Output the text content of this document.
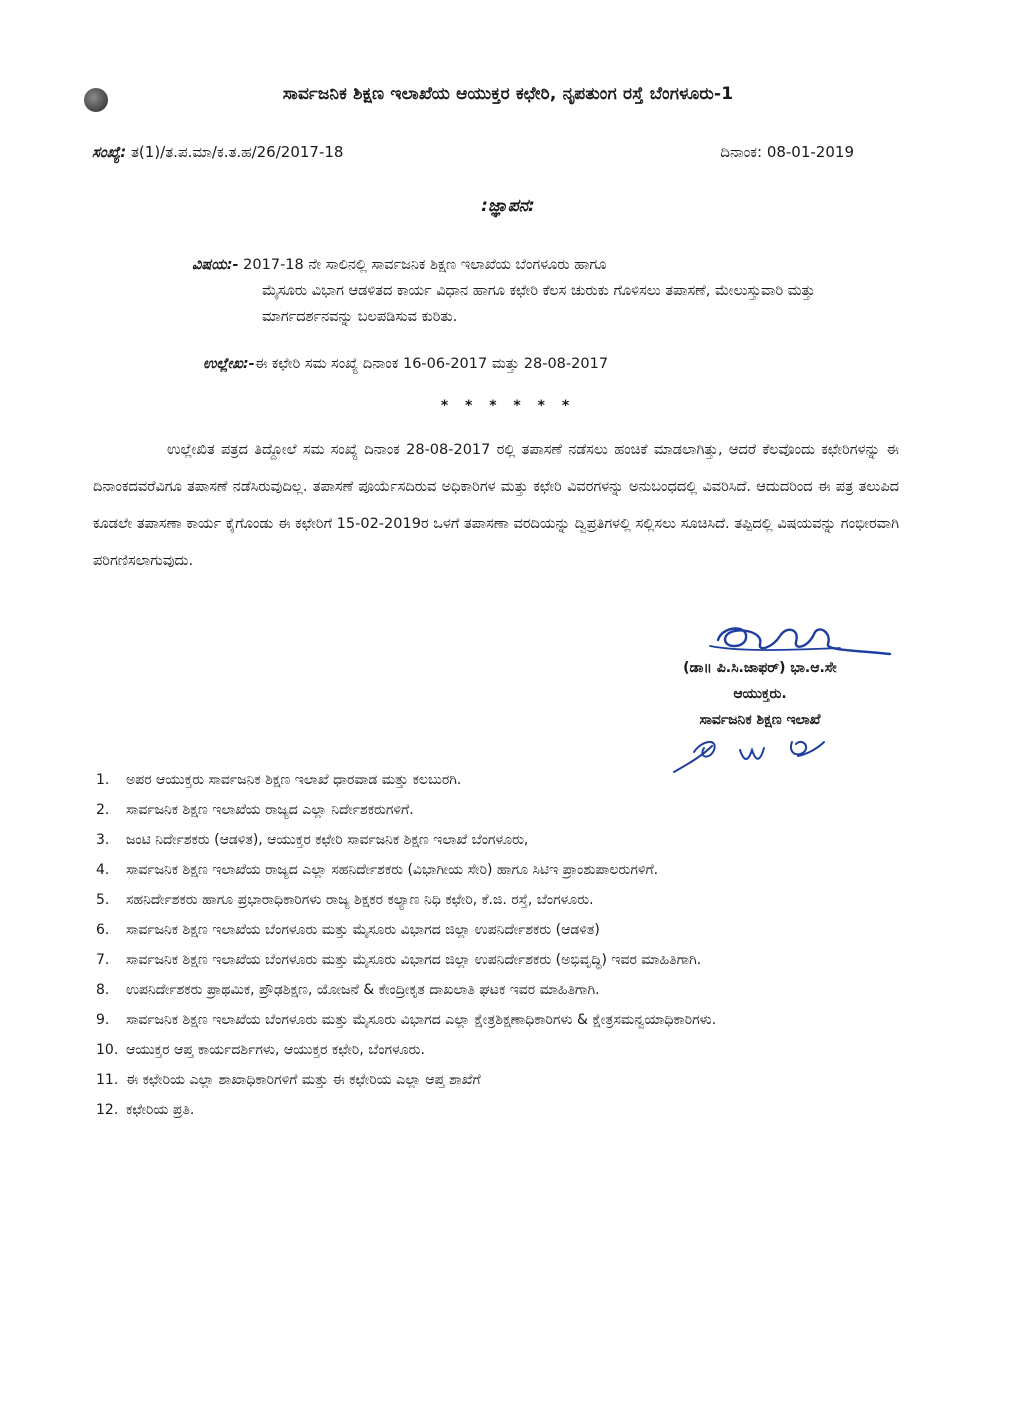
ಸಾರ್ವಜನಿಕ ಶಿಕ್ಷಣ ಇಲಾಖೆಯ ಆಯುಕ್ತರ ಕಛೇರಿ, ನೃಪತುಂಗ ರಸ್ತೆ ಬೆಂಗಳೂರು-1
ಸಂಖ್ಯೆ: ತ(1)/ತ.ಪ.ಮಾ/ಕ.ತ.ಹ/26/2017-18	ದಿನಾಂಕ: 08-01-2019
:ಜ್ಞಾಪನ:
ವಿಷಯ:- 2017-18 ನೇ ಸಾಲಿನಲ್ಲಿ ಸಾರ್ವಜನಿಕ ಶಿಕ್ಷಣ ಇಲಾಖೆಯ ಬೆಂಗಳೂರು ಹಾಗೂ
ಮೈಸೂರು ವಿಭಾಗ ಆಡಳಿತದ ಕಾರ್ಯ ವಿಧಾನ ಹಾಗೂ ಕಛೇರಿ ಕೆಲಸ ಚುರುಕು ಗೊಳಿಸಲು ತಪಾಸಣೆ, ಮೇಲುಸ್ತುವಾರಿ ಮತ್ತು ಮಾರ್ಗದರ್ಶನವನ್ನು ಬಲಪಡಿಸುವ ಕುರಿತು.
ಉಲ್ಲೇಖ:-ಈ ಕಛೇರಿ ಸಮ ಸಂಖ್ಯೆ ದಿನಾಂಕ 16-06-2017 ಮತ್ತು 28-08-2017
* * * * * *
ಉಲ್ಲೇಖಿತ ಪತ್ರದ ತಿದ್ದೋಲೆ ಸಮ ಸಂಖ್ಯೆ ದಿನಾಂಕ 28-08-2017 ರಲ್ಲಿ ತಪಾಸಣೆ ನಡೆಸಲು ಹಂಚಿಕೆ ಮಾಡಲಾಗಿತ್ತು, ಆದರೆ ಕೆಲವೊಂದು ಕಛೇರಿಗಳನ್ನು ಈ ದಿನಾಂಕದವರೆವಿಗೂ ತಪಾಸಣೆ ನಡೆಸಿರುವುದಿಲ್ಲ. ತಪಾಸಣೆ ಪೂರ್ಯೆಸದಿರುವ ಅಧಿಕಾರಿಗಳ ಮತ್ತು ಕಛೇರಿ ವಿವರಗಳನ್ನು ಅನುಬಂಧದಲ್ಲಿ ವಿವರಿಸಿದೆ. ಆದುದರಿಂದ ಈ ಪತ್ರ ತಲುಪಿದ ಕೂಡಲೇ ತಪಾಸಣಾ ಕಾರ್ಯ ಕೈಗೊಂಡು ಈ ಕಛೇರಿಗೆ 15-02-2019ರ ಒಳಗೆ ತಪಾಸಣಾ ವರದಿಯನ್ನು ದ್ವಿಪ್ರತಿಗಳಲ್ಲಿ ಸಲ್ಲಿಸಲು ಸೂಚಿಸಿದೆ. ತಪ್ಪಿದಲ್ಲಿ ವಿಷಯವನ್ನು ಗಂಭೀರವಾಗಿ ಪರಿಗಣಿಸಲಾಗುವುದು.
(ಡಾ॥ ಪಿ.ಸಿ.ಜಾಫರ್) ಭಾ.ಆ.ಸೇ
ಆಯುಕ್ತರು.
ಸಾರ್ವಜನಿಕ ಶಿಕ್ಷಣ ಇಲಾಖೆ
1.	ಅಪರ ಆಯುಕ್ತರು ಸಾರ್ವಜನಿಕ ಶಿಕ್ಷಣ ಇಲಾಖೆ ಧಾರವಾಡ ಮತ್ತು ಕಲಬುರಗಿ.
2.	ಸಾರ್ವಜನಿಕ ಶಿಕ್ಷಣ ಇಲಾಖೆಯ ರಾಜ್ಯದ ಎಲ್ಲಾ ನಿರ್ದೇಶಕರುಗಳಿಗೆ.
3.	ಜಂಟಿ ನಿರ್ದೇಶಕರು (ಆಡಳಿತ), ಆಯುಕ್ತರ ಕಛೇರಿ ಸಾರ್ವಜನಿಕ ಶಿಕ್ಷಣ ಇಲಾಖೆ ಬೆಂಗಳೂರು,
4.	ಸಾರ್ವಜನಿಕ ಶಿಕ್ಷಣ ಇಲಾಖೆಯ ರಾಜ್ಯದ ಎಲ್ಲಾ ಸಹನಿರ್ದೇಶಕರು (ವಿಭಾಗೀಯ ಸೇರಿ) ಹಾಗೂ ಸಿಟಿಇ ಪ್ರಾಂಶುಪಾಲರುಗಳಿಗೆ.
5.	ಸಹನಿರ್ದೇಶಕರು ಹಾಗೂ ಪ್ರಭಾರಾಧಿಕಾರಿಗಳು ರಾಜ್ಯ ಶಿಕ್ಷಕರ ಕಲ್ಯಾಣ ನಿಧಿ ಕಛೇರಿ, ಕೆ.ಜಿ. ರಸ್ತೆ, ಬೆಂಗಳೂರು.
6.	ಸಾರ್ವಜನಿಕ ಶಿಕ್ಷಣ ಇಲಾಖೆಯ ಬೆಂಗಳೂರು ಮತ್ತು ಮೈಸೂರು ವಿಭಾಗದ ಜಿಲ್ಲಾ ಉಪನಿರ್ದೇಶಕರು (ಆಡಳಿತ)
7.	ಸಾರ್ವಜನಿಕ ಶಿಕ್ಷಣ ಇಲಾಖೆಯ ಬೆಂಗಳೂರು ಮತ್ತು ಮೈಸೂರು ವಿಭಾಗದ ಜಿಲ್ಲಾ ಉಪನಿರ್ದೇಶಕರು (ಅಭಿವೃದ್ಧಿ) ಇವರ ಮಾಹಿತಿಗಾಗಿ.
8.	ಉಪನಿರ್ದೇಶಕರು ಪ್ರಾಥಮಿಕ, ಪ್ರೌಢಶಿಕ್ಷಣ, ಯೋಜನೆ & ಕೇಂದ್ರೀಕೃತ ದಾಖಲಾತಿ ಘಟಕ ಇವರ ಮಾಹಿತಿಗಾಗಿ.
9.	ಸಾರ್ವಜನಿಕ ಶಿಕ್ಷಣ ಇಲಾಖೆಯ ಬೆಂಗಳೂರು ಮತ್ತು ಮೈಸೂರು ವಿಭಾಗದ ಎಲ್ಲಾ ಕ್ಷೇತ್ರಶಿಕ್ಷಣಾಧಿಕಾರಿಗಳು & ಕ್ಷೇತ್ರಸಮನ್ವಯಾಧಿಕಾರಿಗಳು.
10. ಆಯುಕ್ತರ ಆಪ್ತ ಕಾರ್ಯದರ್ಶಿಗಳು, ಆಯುಕ್ತರ ಕಛೇರಿ, ಬೆಂಗಳೂರು.
11. ಈ ಕಛೇರಿಯ ಎಲ್ಲಾ ಶಾಖಾಧಿಕಾರಿಗಳಿಗೆ ಮತ್ತು ಈ ಕಛೇರಿಯ ಎಲ್ಲಾ ಆಪ್ತ ಶಾಖೆಗೆ
12. ಕಛೇರಿಯ ಪ್ರತಿ.
